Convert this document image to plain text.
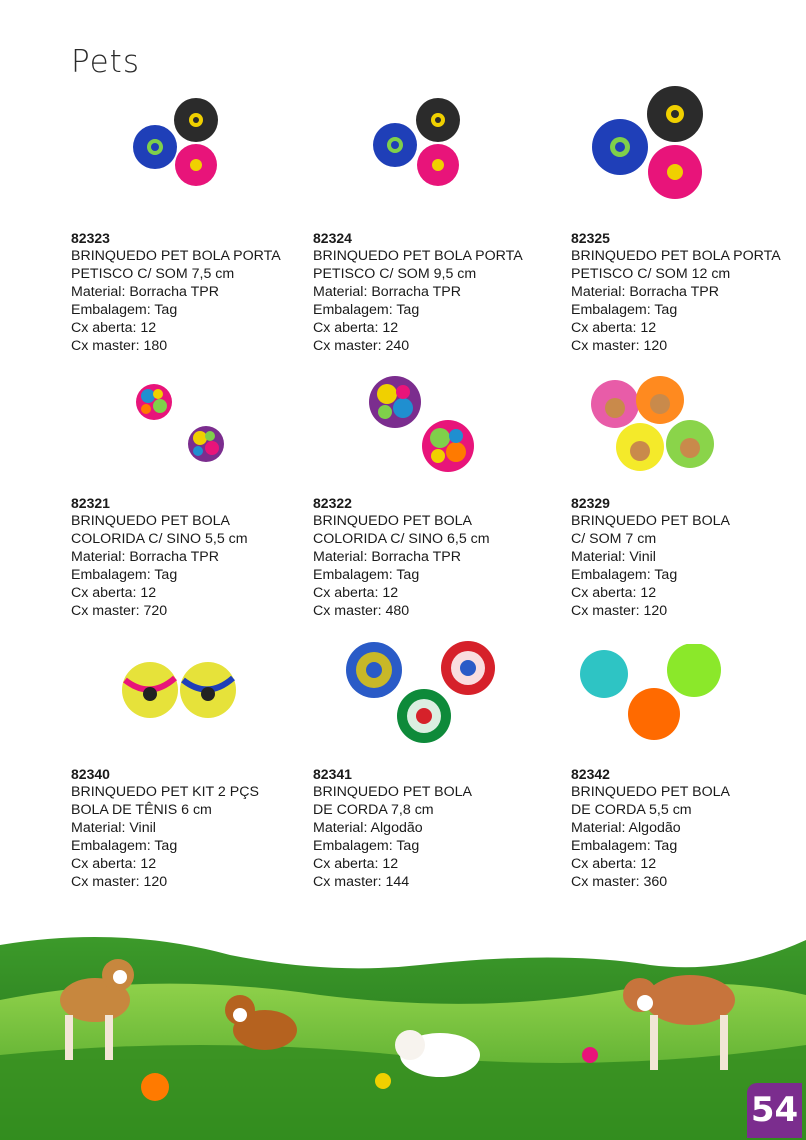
Pets
82323
BRINQUEDO PET BOLA PORTA
PETISCO C/ SOM 7,5 cm
Material: Borracha TPR
Embalagem: Tag
Cx aberta: 12
Cx master: 180
82324
BRINQUEDO PET BOLA PORTA
PETISCO C/ SOM 9,5 cm
Material: Borracha TPR
Embalagem: Tag
Cx aberta: 12
Cx master: 240
82325
BRINQUEDO PET BOLA PORTA
PETISCO C/ SOM 12 cm
Material: Borracha TPR
Embalagem: Tag
Cx aberta: 12
Cx master: 120
82321
BRINQUEDO PET BOLA
COLORIDA C/ SINO 5,5 cm
Material: Borracha TPR
Embalagem: Tag
Cx aberta: 12
Cx master: 720
82322
BRINQUEDO PET BOLA
COLORIDA C/ SINO 6,5 cm
Material: Borracha TPR
Embalagem: Tag
Cx aberta: 12
Cx master: 480
82329
BRINQUEDO PET BOLA
C/ SOM 7 cm
Material: Vinil
Embalagem: Tag
Cx aberta: 12
Cx master: 120
82340
BRINQUEDO PET KIT 2 PÇS
BOLA DE TÊNIS 6 cm
Material: Vinil
Embalagem: Tag
Cx aberta: 12
Cx master: 120
82341
BRINQUEDO PET BOLA
DE CORDA 7,8 cm
Material: Algodão
Embalagem: Tag
Cx aberta: 12
Cx master: 144
82342
BRINQUEDO PET BOLA
DE CORDA 5,5 cm
Material: Algodão
Embalagem: Tag
Cx aberta: 12
Cx master: 360
54
